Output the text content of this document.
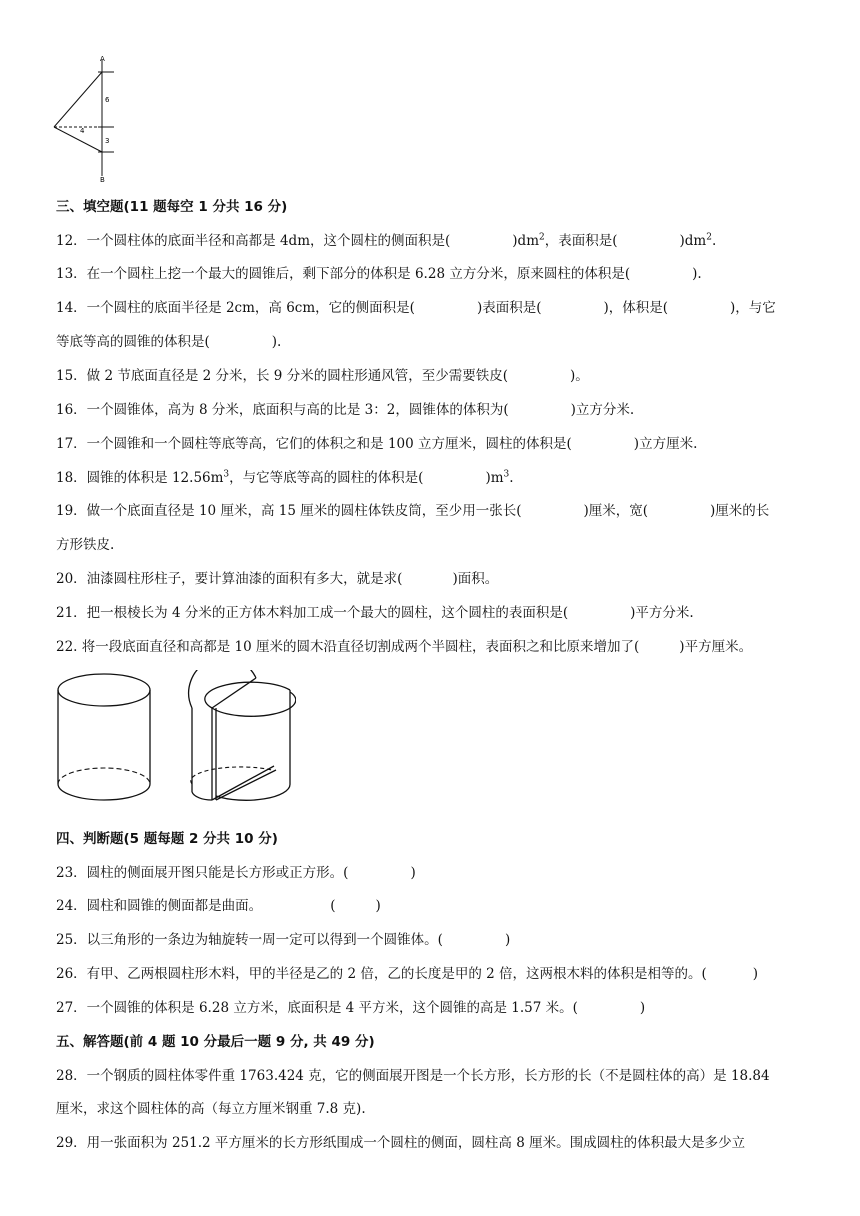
A
B
6
4
3
三、填空题(11 题每空 1 分共 16 分)
12．一个圆柱体的底面半径和高都是 4dm，这个圆柱的侧面积是(	)$dm^2$，表面积是(	)$dm^2$.
13．在一个圆柱上挖一个最大的圆锥后，剩下部分的体积是 6.28 立方分米，原来圆柱的体积是(	).
14．一个圆柱的底面半径是 2cm，高 6cm，它的侧面积是(	)表面积是(	)，体积是(	)，与它
等底等高的圆锥的体积是(	).
15．做 2 节底面直径是 2 分米，长 9 分米的圆柱形通风管，至少需要铁皮(	)。
16．一个圆锥体，高为 8 分米，底面积与高的比是 3：2，圆锥体的体积为(	)立方分米.
17．一个圆锥和一个圆柱等底等高，它们的体积之和是 100 立方厘米，圆柱的体积是(	)立方厘米.
18．圆锥的体积是 $12.56m^3$，与它等底等高的圆柱的体积是(	)$m^3$.
19．做一个底面直径是 10 厘米，高 15 厘米的圆柱体铁皮筒，至少用一张长(	)厘米，宽(	)厘米的长
方形铁皮.
20．油漆圆柱形柱子，要计算油漆的面积有多大，就是求(	)面积。
21．把一根棱长为 4 分米的正方体木料加工成一个最大的圆柱，这个圆柱的表面积是(	)平方分米.
22. 将一段底面直径和高都是 10 厘米的圆木沿直径切割成两个半圆柱，表面积之和比原来增加了(	)平方厘米。
四、判断题(5 题每题 2 分共 10 分)
23．圆柱的侧面展开图只能是长方形或正方形。(	)
24．圆柱和圆锥的侧面都是曲面。	(	)
25．以三角形的一条边为轴旋转一周一定可以得到一个圆锥体。(	)
26．有甲、乙两根圆柱形木料，甲的半径是乙的 2 倍，乙的长度是甲的 2 倍，这两根木料的体积是相等的。(	)
27．一个圆锥的体积是 6.28 立方米，底面积是 4 平方米，这个圆锥的高是 1.57 米。(	)
五、解答题(前 4 题 10 分最后一题 9 分, 共 49 分)
28．一个钢质的圆柱体零件重 1763.424 克，它的侧面展开图是一个长方形，长方形的长（不是圆柱体的高）是 18.84
厘米，求这个圆柱体的高（每立方厘米钢重 7.8 克).
29．用一张面积为 251.2 平方厘米的长方形纸围成一个圆柱的侧面，圆柱高 8 厘米。围成圆柱的体积最大是多少立
